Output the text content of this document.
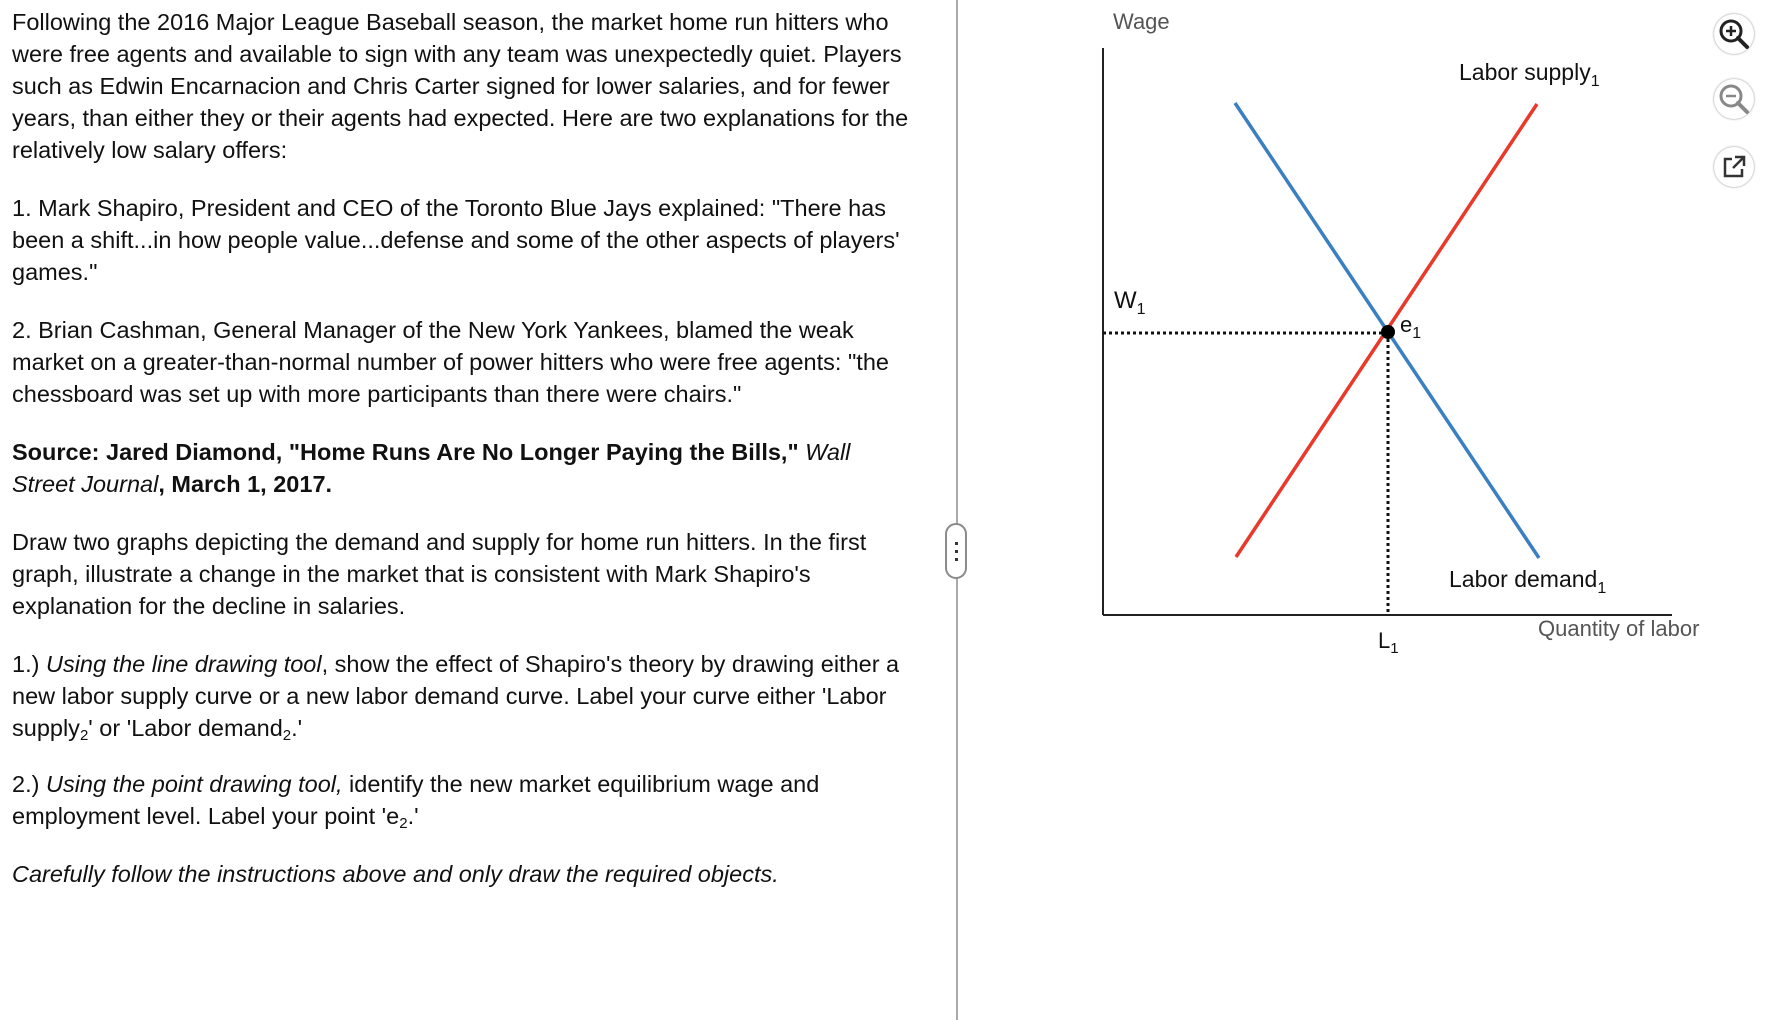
Following the 2016 Major League Baseball season, the market home run hitters who were free agents and available to sign with any team was unexpectedly quiet. Players such as Edwin Encarnacion and Chris Carter signed for lower salaries, and for fewer years, than either they or their agents had expected. Here are two explanations for the relatively low salary offers:

1. Mark Shapiro, President and CEO of the Toronto Blue Jays explained: "There has been a shift...in how people value...defense and some of the other aspects of players' games."

2. Brian Cashman, General Manager of the New York Yankees, blamed the weak market on a greater-than-normal number of power hitters who were free agents: "the chessboard was set up with more participants than there were chairs."

Source: Jared Diamond, "Home Runs Are No Longer Paying the Bills," Wall Street Journal, March 1, 2017.

Draw two graphs depicting the demand and supply for home run hitters. In the first graph, illustrate a change in the market that is consistent with Mark Shapiro's explanation for the decline in salaries.

1.) Using the line drawing tool, show the effect of Shapiro's theory by drawing either a new labor supply curve or a new labor demand curve. Label your curve either 'Labor supply$_2$' or 'Labor demand$_2$.'

2.) Using the point drawing tool, identify the new market equilibrium wage and employment level. Label your point '$e_2$.'

Carefully follow the instructions above and only draw the required objects.

Wage
Quantity of labor
$W_1$
$L_1$
$e_1$
Labor supply$_1$
Labor demand$_1$
